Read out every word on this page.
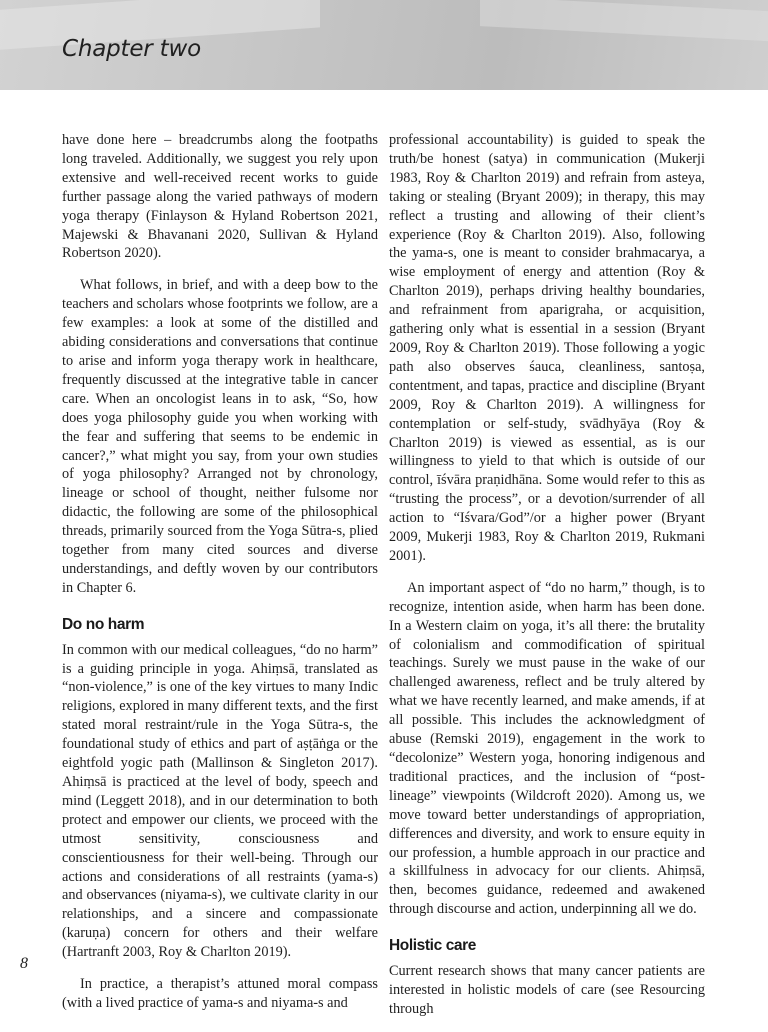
Chapter two

have done here – breadcrumbs along the footpaths long traveled. Additionally, we suggest you rely upon extensive and well-received recent works to guide further passage along the varied pathways of modern yoga therapy (Finlayson & Hyland Robertson 2021, Majewski & Bhavanani 2020, Sullivan & Hyland Robertson 2020).

What follows, in brief, and with a deep bow to the teachers and scholars whose footprints we follow, are a few examples: a look at some of the distilled and abiding considerations and conversations that continue to arise and inform yoga therapy work in healthcare, frequently discussed at the integrative table in cancer care. When an oncologist leans in to ask, “So, how does yoga philosophy guide you when working with the fear and suffering that seems to be endemic in cancer?,” what might you say, from your own studies of yoga philosophy? Arranged not by chronology, lineage or school of thought, neither fulsome nor didactic, the following are some of the philosophical threads, primarily sourced from the Yoga Sūtra-s, plied together from many cited sources and diverse understandings, and deftly woven by our contributors in Chapter 6.

Do no harm

In common with our medical colleagues, “do no harm” is a guiding principle in yoga. Ahiṃsā, translated as “non-violence,” is one of the key virtues to many Indic religions, explored in many different texts, and the first stated moral restraint/rule in the Yoga Sūtra-s, the foundational study of ethics and part of aṣṭāṅga or the eightfold yogic path (Mallinson & Singleton 2017). Ahiṃsā is practiced at the level of body, speech and mind (Leggett 2018), and in our determination to both protect and empower our clients, we proceed with the utmost sensitivity, consciousness and conscientiousness for their well-being. Through our actions and considerations of all restraints (yama-s) and observances (niyama-s), we cultivate clarity in our relationships, and a sincere and compassionate (karuṇa) concern for others and their welfare (Hartranft 2003, Roy & Charlton 2019).

In practice, a therapist’s attuned moral compass (with a lived practice of yama-s and niyama-s and

professional accountability) is guided to speak the truth/be honest (satya) in communication (Mukerji 1983, Roy & Charlton 2019) and refrain from asteya, taking or stealing (Bryant 2009); in therapy, this may reflect a trusting and allowing of their client’s experience (Roy & Charlton 2019). Also, following the yama-s, one is meant to consider brahmacarya, a wise employment of energy and attention (Roy & Charlton 2019), perhaps driving healthy boundaries, and refrainment from aparigraha, or acquisition, gathering only what is essential in a session (Bryant 2009, Roy & Charlton 2019). Those following a yogic path also observes śauca, cleanliness, santoṣa, contentment, and tapas, practice and discipline (Bryant 2009, Roy & Charlton 2019). A willingness for contemplation or self-study, svādhyāya (Roy & Charlton 2019) is viewed as essential, as is our willingness to yield to that which is outside of our control, īśvāra praṇidhāna. Some would refer to this as “trusting the process”, or a devotion/surrender of all action to “Iśvara/God”/or a higher power (Bryant 2009, Mukerji 1983, Roy & Charlton 2019, Rukmani 2001).

An important aspect of “do no harm,” though, is to recognize, intention aside, when harm has been done. In a Western claim on yoga, it’s all there: the brutality of colonialism and commodification of spiritual teachings. Surely we must pause in the wake of our challenged awareness, reflect and be truly altered by what we have recently learned, and make amends, if at all possible. This includes the acknowledgment of abuse (Remski 2019), engagement in the work to “decolonize” Western yoga, honoring indigenous and traditional practices, and the inclusion of “post-lineage” viewpoints (Wildcroft 2020). Among us, we move toward better understandings of appropriation, differences and diversity, and work to ensure equity in our profession, a humble approach in our practice and a skillfulness in advocacy for our clients. Ahiṃsā, then, becomes guidance, redeemed and awakened through discourse and action, underpinning all we do.

Holistic care

Current research shows that many cancer patients are interested in holistic models of care (see Resourcing through

8
